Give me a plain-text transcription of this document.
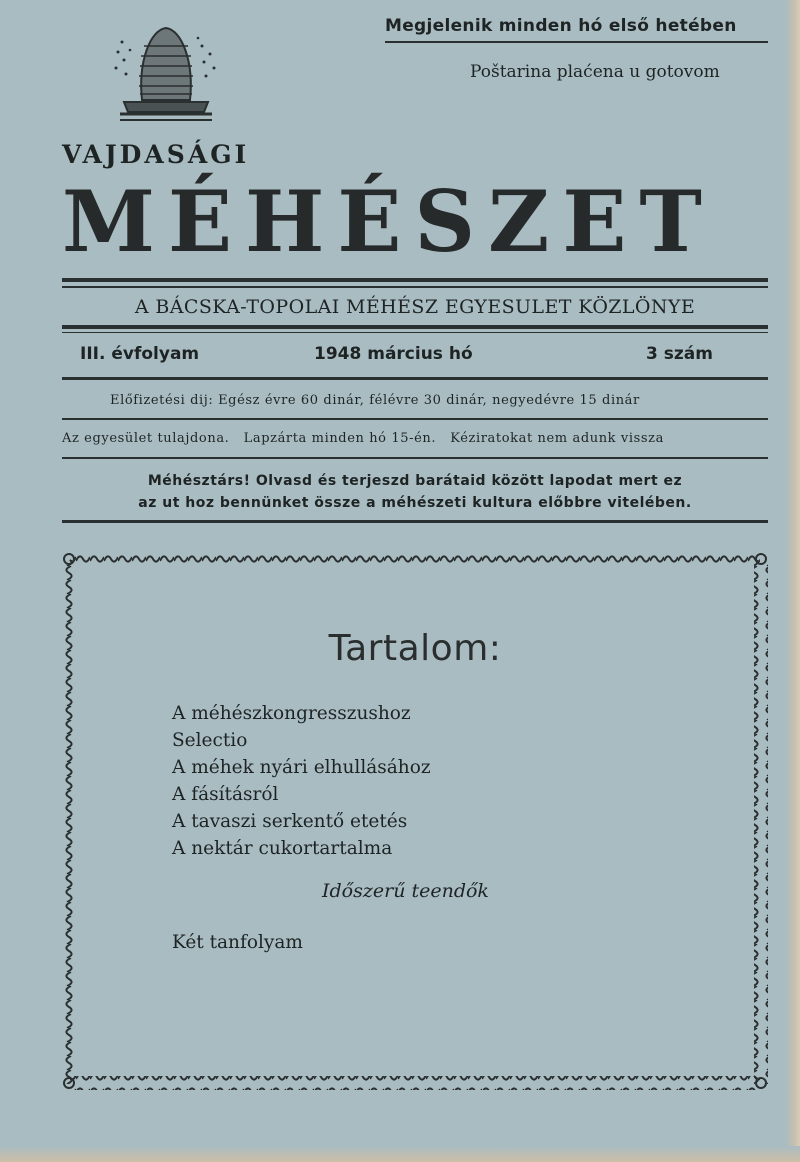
Megjelenik minden hó első hetében
Poštarina plaćena u gotovom
VAJDASÁGI
MÉHÉSZET
A BÁCSKA-TOPOLAI MÉHÉSZ EGYESULET KÖZLÖNYE
III. évfolyam	1948 március hó	3 szám
Előfizetési dij: Egész évre 60 dinár, félévre 30 dinár, negyedévre 15 dinár
Az egyesület tulajdona.   Lapzárta minden hó 15-én.   Kéziratokat nem adunk vissza
Méhésztárs! Olvasd és terjeszd barátaid között lapodat mert ez
az ut hoz bennünket össze a méhészeti kultura előbbre vitelében.
Tartalom:
A méhészkongresszushoz
Selectio
A méhek nyári elhullásához
A fásításról
A tavaszi serkentő etetés
A nektár cukortartalma
Időszerű teendők
Két tanfolyam
